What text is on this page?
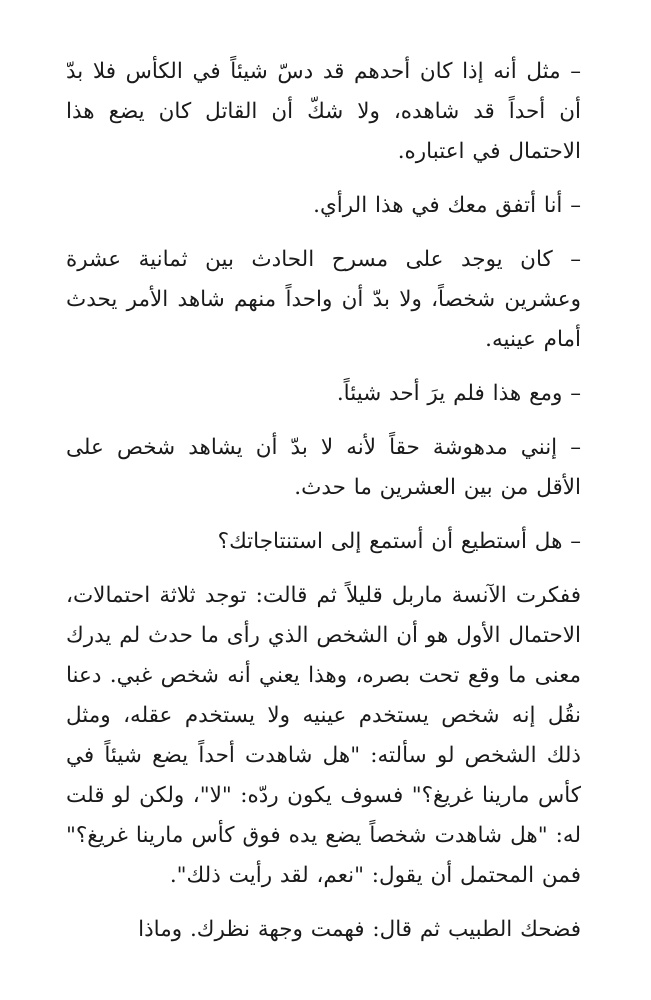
– مثل أنه إذا كان أحدهم قد دسّ شيئاً في الكأس فلا بدّ أن أحداً قد شاهده، ولا شكّ أن القاتل كان يضع هذا الاحتمال في اعتباره.

– أنا أتفق معك في هذا الرأي.

– كان يوجد على مسرح الحادث بين ثمانية عشرة وعشرين شخصاً، ولا بدّ أن واحداً منهم شاهد الأمر يحدث أمام عينيه.

– ومع هذا فلم يرَ أحد شيئاً.

– إنني مدهوشة حقاً لأنه لا بدّ أن يشاهد شخص على الأقل من بين العشرين ما حدث.

– هل أستطيع أن أستمع إلى استنتاجاتك؟

ففكرت الآنسة ماربل قليلاً ثم قالت: توجد ثلاثة احتمالات، الاحتمال الأول هو أن الشخص الذي رأى ما حدث لم يدرك معنى ما وقع تحت بصره، وهذا يعني أنه شخص غبي. دعنا نقُل إنه شخص يستخدم عينيه ولا يستخدم عقله، ومثل ذلك الشخص لو سألته: "هل شاهدت أحداً يضع شيئاً في كأس مارينا غريغ؟" فسوف يكون ردّه: "لا"، ولكن لو قلت له: "هل شاهدت شخصاً يضع يده فوق كأس مارينا غريغ؟" فمن المحتمل أن يقول: "نعم، لقد رأيت ذلك".

فضحك الطبيب ثم قال: فهمت وجهة نظرك. وماذا
